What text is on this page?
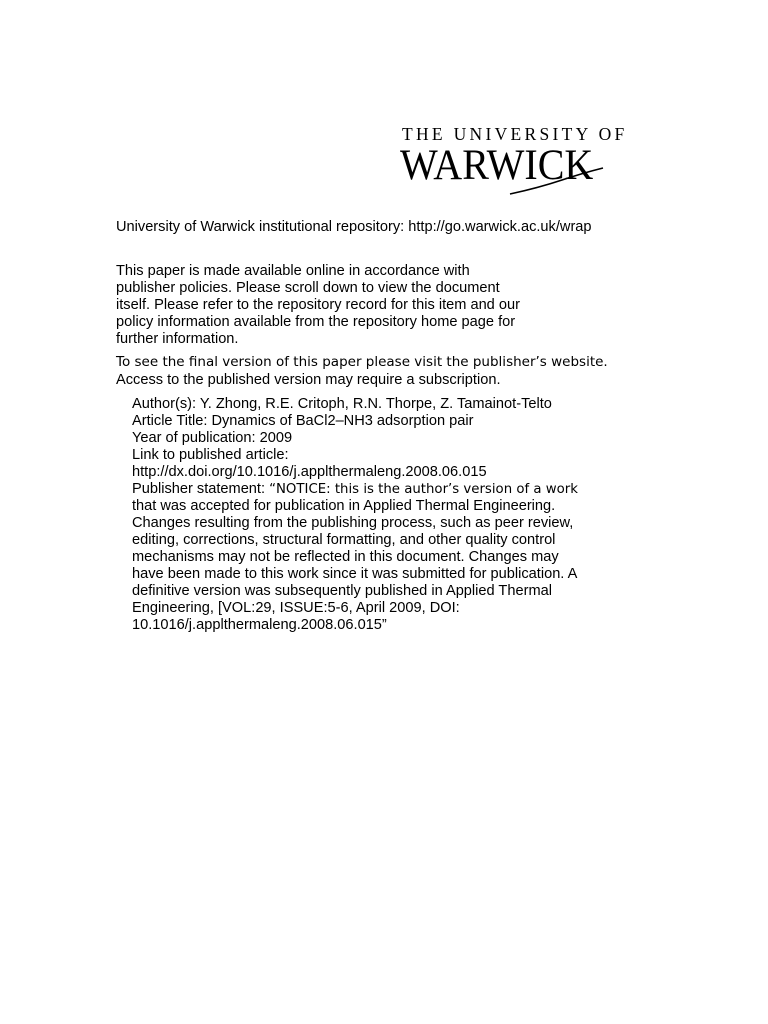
THE UNIVERSITY OF
WARWICK
University of Warwick institutional repository: http://go.warwick.ac.uk/wrap
This paper is made available online in accordance with
publisher policies. Please scroll down to view the document
itself. Please refer to the repository record for this item and our
policy information available from the repository home page for
further information.
To see the final version of this paper please visit the publisher’s website.
Access to the published version may require a subscription.
Author(s): Y. Zhong, R.E. Critoph, R.N. Thorpe, Z. Tamainot-Telto
Article Title: Dynamics of BaCl2–NH3 adsorption pair
Year of publication: 2009
Link to published article:
http://dx.doi.org/10.1016/j.applthermaleng.2008.06.015
Publisher statement: “NOTICE: this is the author’s version of a work
that was accepted for publication in Applied Thermal Engineering.
Changes resulting from the publishing process, such as peer review,
editing, corrections, structural formatting, and other quality control
mechanisms may not be reflected in this document. Changes may
have been made to this work since it was submitted for publication. A
definitive version was subsequently published in Applied Thermal
Engineering, [VOL:29, ISSUE:5-6, April 2009, DOI:
10.1016/j.applthermaleng.2008.06.015”
